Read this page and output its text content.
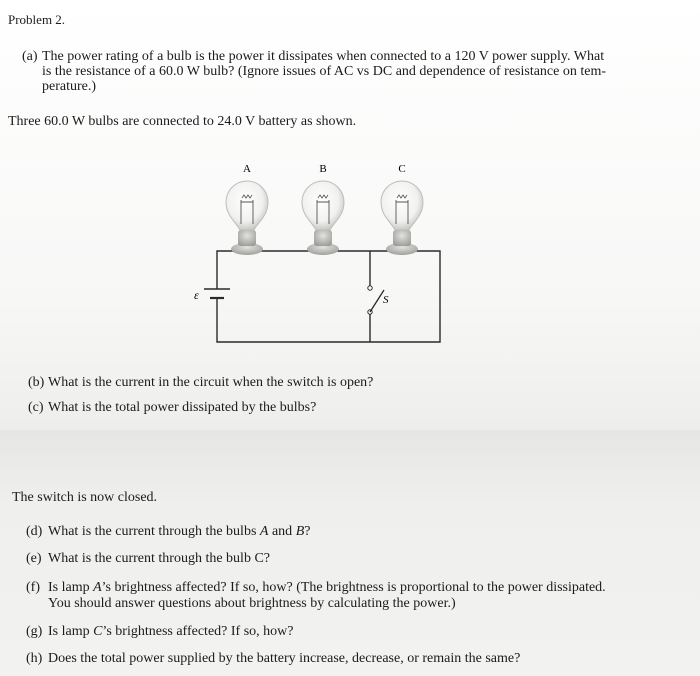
Problem 2.
(a) The power rating of a bulb is the power it dissipates when connected to a 120 V power supply. What
is the resistance of a 60.0 W bulb? (Ignore issues of AC vs DC and dependence of resistance on tem-
perature.)
Three 60.0 W bulbs are connected to 24.0 V battery as shown.
A	B	C
ε	S
(b) What is the current in the circuit when the switch is open?
(c) What is the total power dissipated by the bulbs?
The switch is now closed.
(d) What is the current through the bulbs A and B?
(e) What is the current through the bulb C?
(f) Is lamp A’s brightness affected? If so, how? (The brightness is proportional to the power dissipated.
You should answer questions about brightness by calculating the power.)
(g) Is lamp C’s brightness affected? If so, how?
(h) Does the total power supplied by the battery increase, decrease, or remain the same?
